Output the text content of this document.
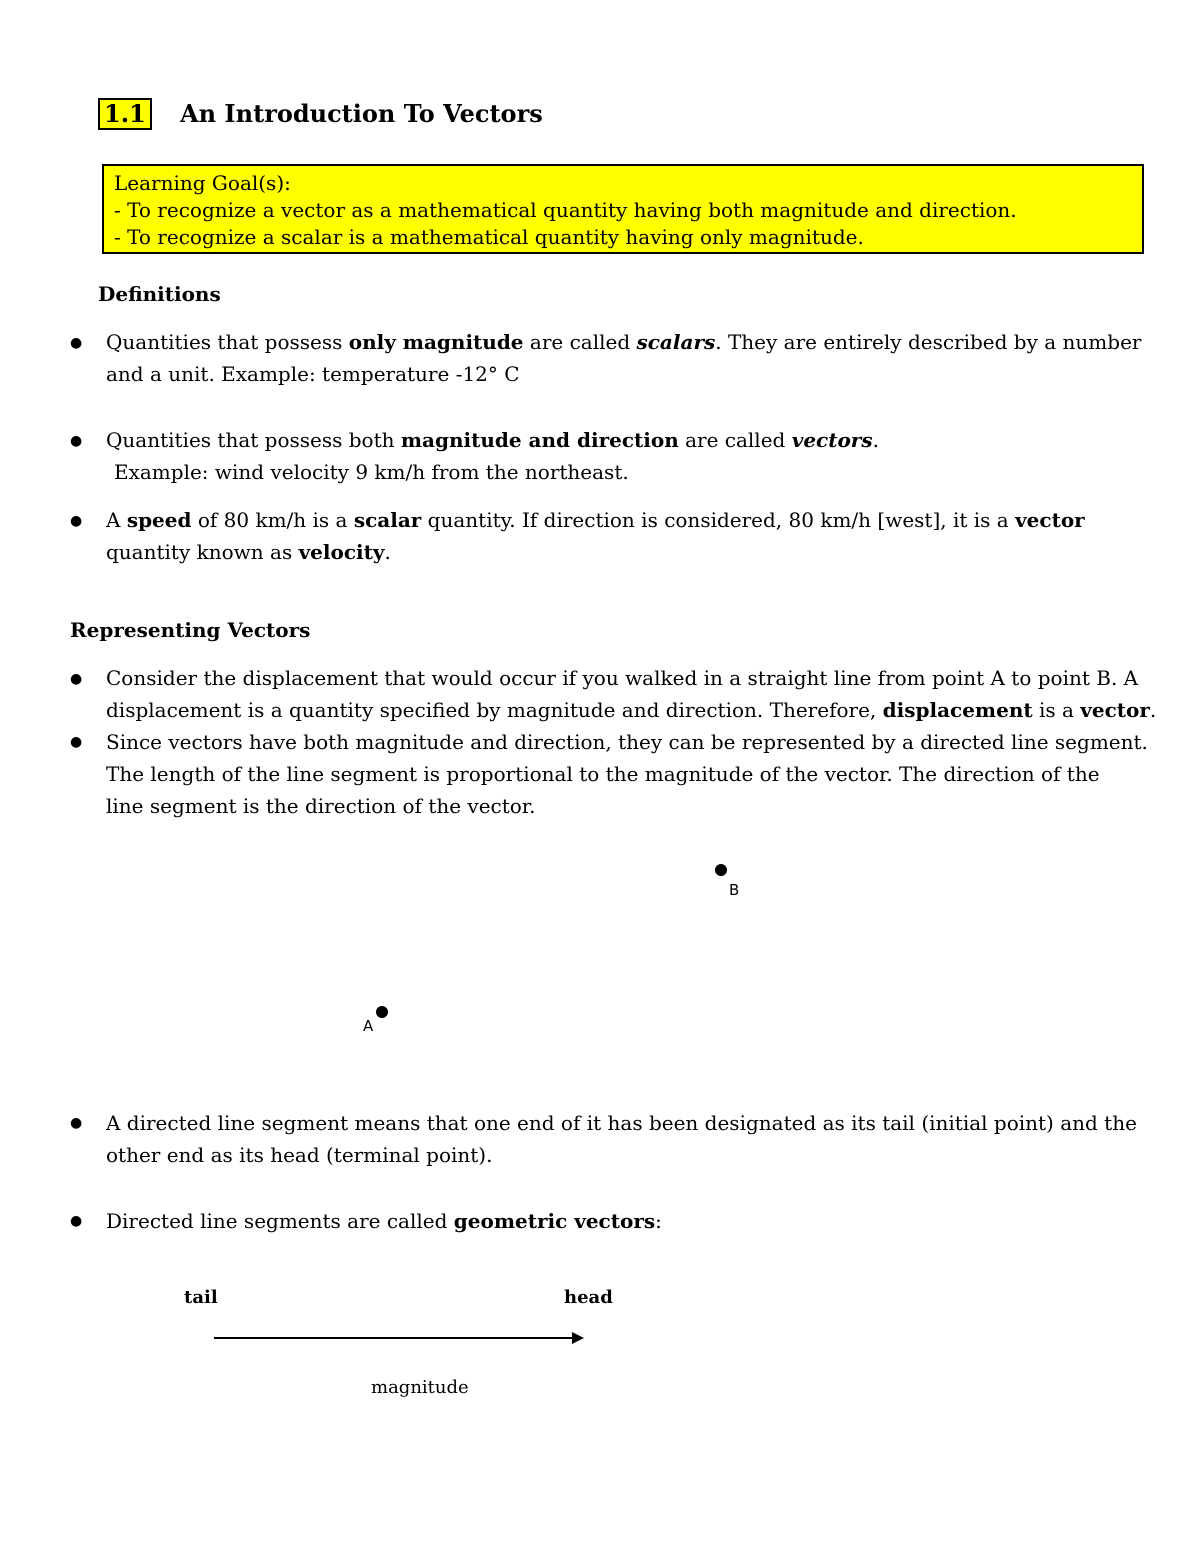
1.1 An Introduction To Vectors
Learning Goal(s):
- To recognize a vector as a mathematical quantity having both magnitude and direction.
- To recognize a scalar is a mathematical quantity having only magnitude.
Definitions
● Quantities that possess only magnitude are called scalars. They are entirely described by a number
and a unit. Example: temperature -12° C
● Quantities that possess both magnitude and direction are called vectors.
Example: wind velocity 9 km/h from the northeast.
● A speed of 80 km/h is a scalar quantity. If direction is considered, 80 km/h [west], it is a vector
quantity known as velocity.
Representing Vectors
● Consider the displacement that would occur if you walked in a straight line from point A to point B. A
displacement is a quantity specified by magnitude and direction. Therefore, displacement is a vector.
● Since vectors have both magnitude and direction, they can be represented by a directed line segment.
The length of the line segment is proportional to the magnitude of the vector. The direction of the
line segment is the direction of the vector.
B
A
● A directed line segment means that one end of it has been designated as its tail (initial point) and the
other end as its head (terminal point).
● Directed line segments are called geometric vectors:
tail	head
magnitude
